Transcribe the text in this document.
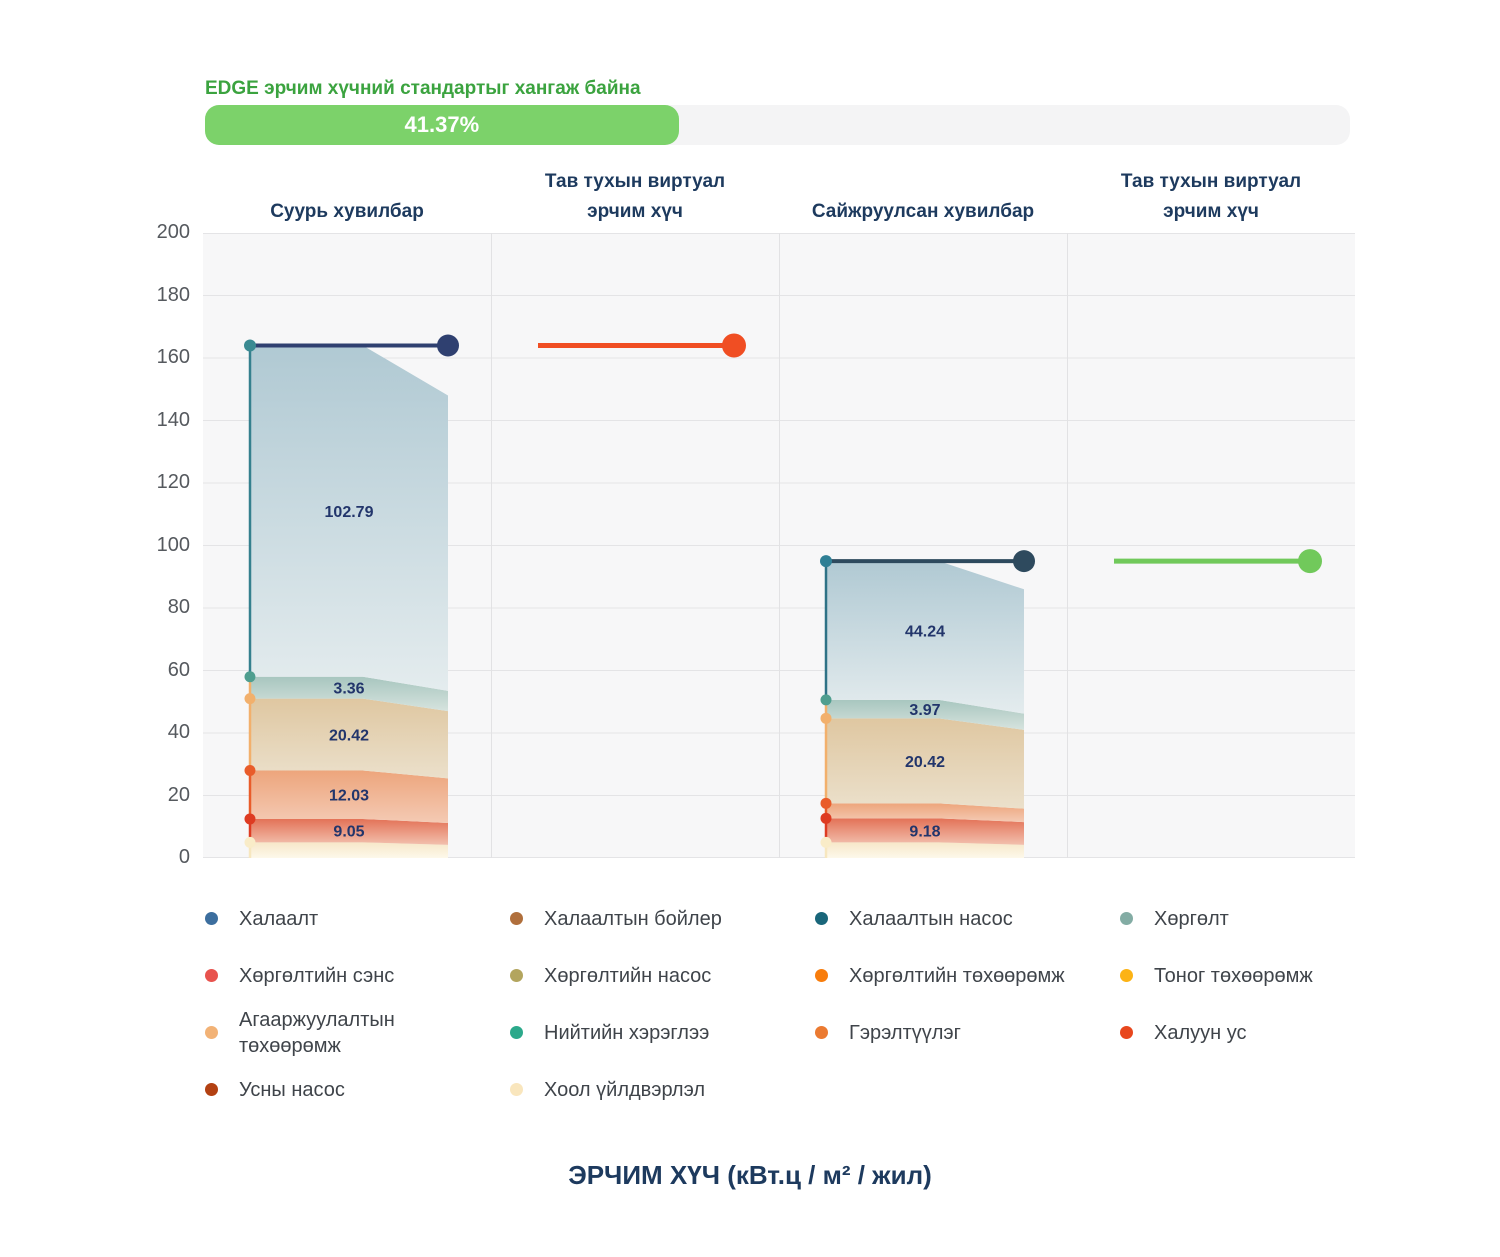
EDGE эрчим хүчний стандартыг хангаж байна
41.37%
Суурь хувилбар
Тав тухын виртуал эрчим хүч	Сайжруулсан хувилбар
Тав тухын виртуал эрчим хүч
0
20
40
60
80
100
120
140
160
180
200
9.05
12.03
20.42
3.36
102.79
9.18
20.42
3.97
44.24
Халаалт	Халаалтын бойлер	Халаалтын насос	Хөргөлт
Хөргөлтийн сэнс	Хөргөлтийн насос	Хөргөлтийн төхөөрөмж	Тоног төхөөрөмж
Агааржуулалтын төхөөрөмж
Нийтийн хэрэглээ	Гэрэлтүүлэг	Халуун ус
Усны насос	Хоол үйлдвэрлэл
ЭРЧИМ ХҮЧ (кВт.ц / м² / жил)
